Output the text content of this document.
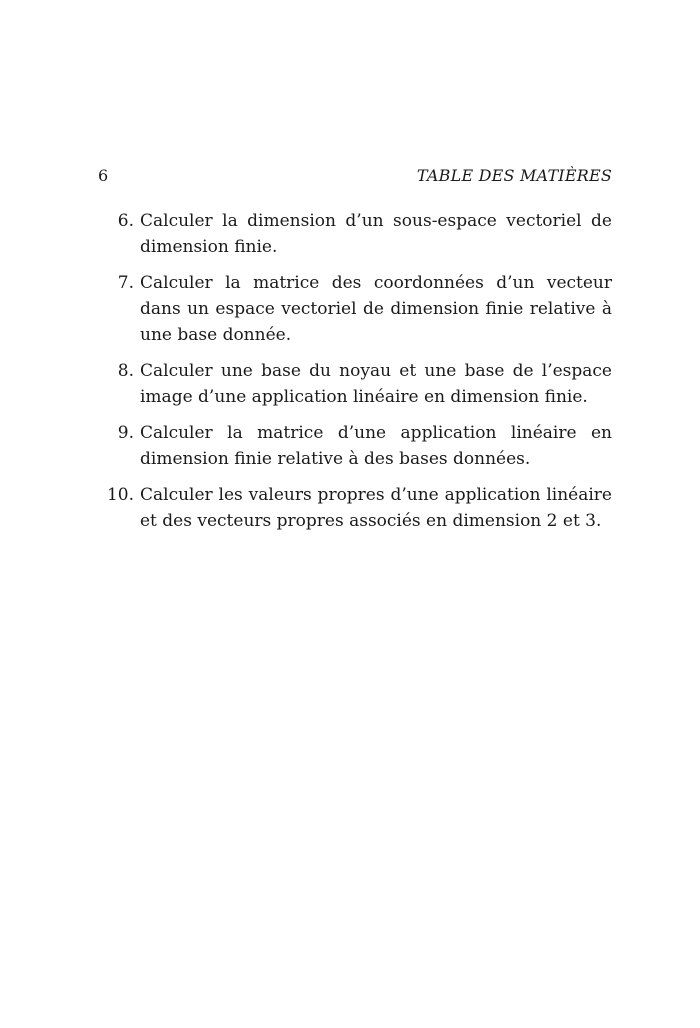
6	TABLE DES MATIÈRES
6. Calculer la dimension d’un sous-espace vectoriel de dimension finie.
7. Calculer la matrice des coordonnées d’un vecteur dans un espace vectoriel de dimension finie relative à une base donnée.
8. Calculer une base du noyau et une base de l’espace image d’une application linéaire en dimension finie.
9. Calculer la matrice d’une application linéaire en dimension finie relative à des bases données.
10. Calculer les valeurs propres d’une application linéaire et des vecteurs propres associés en dimension 2 et 3.
